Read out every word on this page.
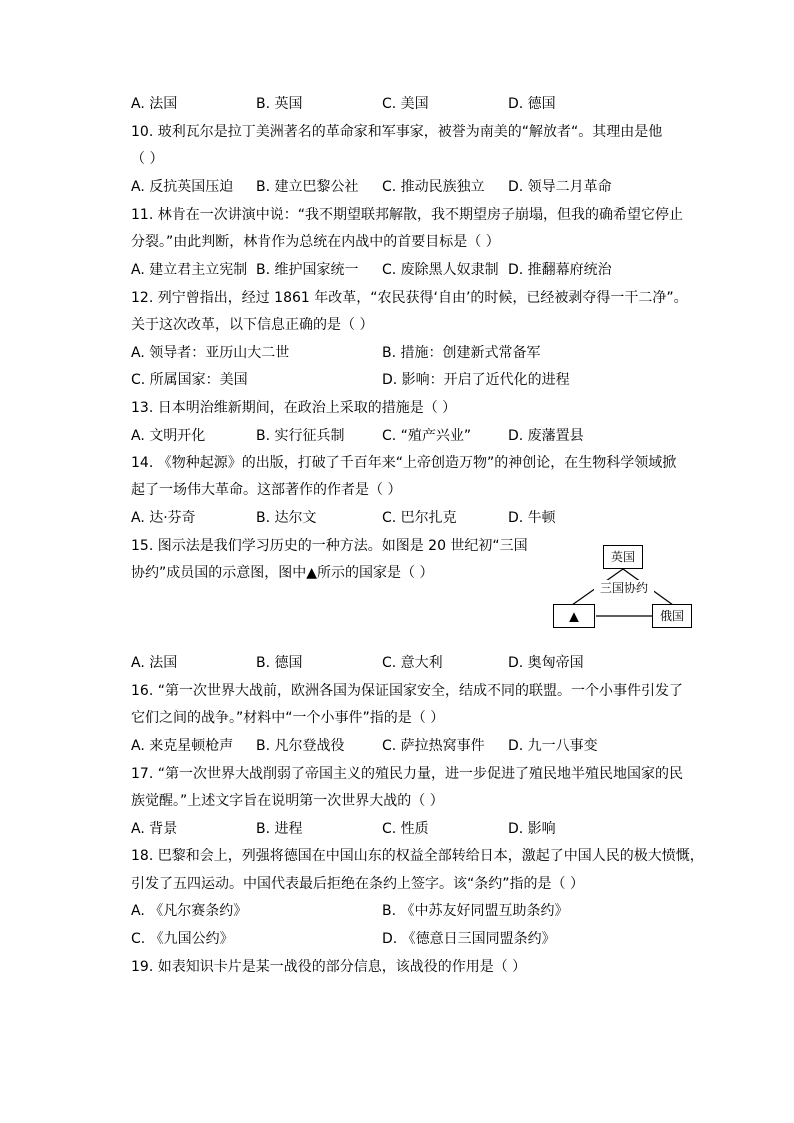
A. 法国	B. 英国	C. 美国	D. 德国
10. 玻利瓦尔是拉丁美洲著名的革命家和军事家，被誉为南美的“解放者“。其理由是他
（ ）
A. 反抗英国压迫 B. 建立巴黎公社 C. 推动民族独立 D. 领导二月革命
11. 林肯在一次讲演中说：“我不期望联邦解散，我不期望房子崩塌，但我的确希望它停止
分裂。”由此判断，林肯作为总统在内战中的首要目标是（ ）
A. 建立君主立宪制 B. 维护国家统一 C. 废除黑人奴隶制 D. 推翻幕府统治
12. 列宁曾指出，经过 1861 年改革，“农民获得‘自由’的时候，已经被剥夺得一干二净”。
关于这次改革，以下信息正确的是（ ）
A. 领导者：亚历山大二世	B. 措施：创建新式常备军
C. 所属国家：美国	D. 影响：开启了近代化的进程
13. 日本明治维新期间，在政治上采取的措施是（ ）
A. 文明开化	B. 实行征兵制	C. “殖产兴业”	D. 废藩置县
14. 《物种起源》的出版，打破了千百年来“上帝创造万物”的神创论，在生物科学领域掀
起了一场伟大革命。这部著作的作者是（ ）
A. 达·芬奇	B. 达尔文	C. 巴尔扎克	D. 牛顿
15. 图示法是我们学习历史的一种方法。如图是 20 世纪初“三国
协约”成员国的示意图，图中▲所示的国家是（ ）
英国
三国协约
▲	俄国
A. 法国	B. 德国	C. 意大利	D. 奥匈帝国
16. “第一次世界大战前，欧洲各国为保证国家安全，结成不同的联盟。一个小事件引发了
它们之间的战争。”材料中“一个小事件”指的是（ ）
A. 来克星顿枪声 B. 凡尔登战役	C. 萨拉热窝事件 D. 九一八事变
17. “第一次世界大战削弱了帝国主义的殖民力量，进一步促进了殖民地半殖民地国家的民
族觉醒。”上述文字旨在说明第一次世界大战的（ ）
A. 背景	B. 进程	C. 性质	D. 影响
18. 巴黎和会上，列强将德国在中国山东的权益全部转给日本，激起了中国人民的极大愤慨，
引发了五四运动。中国代表最后拒绝在条约上签字。该“条约”指的是（ ）
A. 《凡尔赛条约》	B. 《中苏友好同盟互助条约》
C. 《九国公约》	D. 《德意日三国同盟条约》
19. 如表知识卡片是某一战役的部分信息，该战役的作用是（ ）
